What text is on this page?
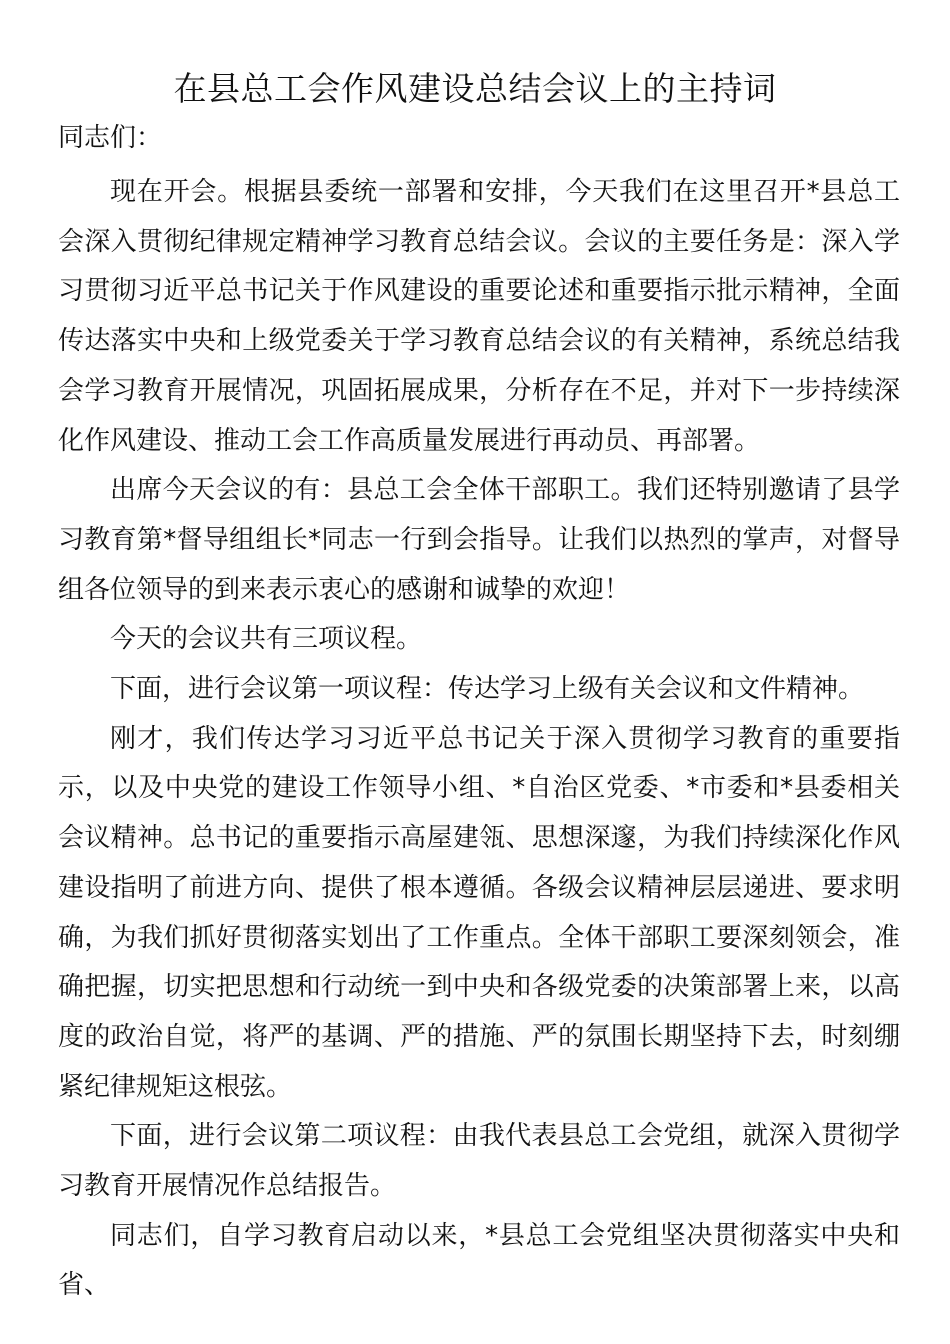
在县总工会作风建设总结会议上的主持词

同志们：

现在开会。根据县委统一部署和安排，今天我们在这里召开*县总工会深入贯彻纪律规定精神学习教育总结会议。会议的主要任务是：深入学习贯彻习近平总书记关于作风建设的重要论述和重要指示批示精神，全面传达落实中央和上级党委关于学习教育总结会议的有关精神，系统总结我会学习教育开展情况，巩固拓展成果，分析存在不足，并对下一步持续深化作风建设、推动工会工作高质量发展进行再动员、再部署。

出席今天会议的有：县总工会全体干部职工。我们还特别邀请了县学习教育第*督导组组长*同志一行到会指导。让我们以热烈的掌声，对督导组各位领导的到来表示衷心的感谢和诚挚的欢迎！

今天的会议共有三项议程。

下面，进行会议第一项议程：传达学习上级有关会议和文件精神。

刚才，我们传达学习习近平总书记关于深入贯彻学习教育的重要指示，以及中央党的建设工作领导小组、*自治区党委、*市委和*县委相关会议精神。总书记的重要指示高屋建瓴、思想深邃，为我们持续深化作风建设指明了前进方向、提供了根本遵循。各级会议精神层层递进、要求明确，为我们抓好贯彻落实划出了工作重点。全体干部职工要深刻领会，准确把握，切实把思想和行动统一到中央和各级党委的决策部署上来，以高度的政治自觉，将严的基调、严的措施、严的氛围长期坚持下去，时刻绷紧纪律规矩这根弦。

下面，进行会议第二项议程：由我代表县总工会党组，就深入贯彻学习教育开展情况作总结报告。

同志们，自学习教育启动以来，*县总工会党组坚决贯彻落实中央和省、
